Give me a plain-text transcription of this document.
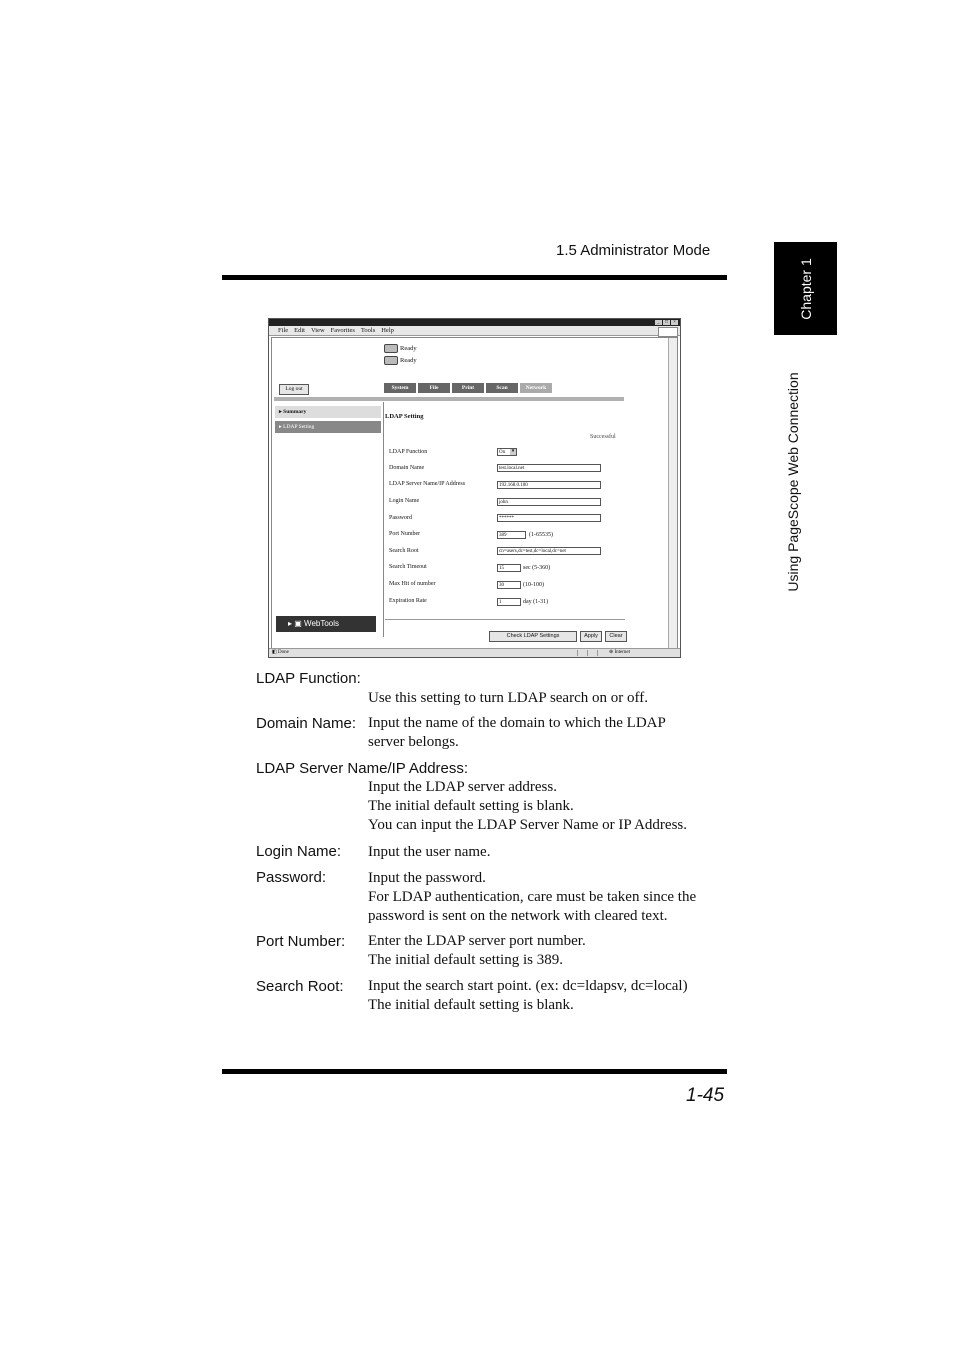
1.5 Administrator Mode
Chapter 1
Using PageScope Web Connection
_	□	×
File Edit View Favorites Tools Help
Ready
Ready
Log out	System	File	Print	Scan	Network
▸ Summary
▸ LDAP Setting
▸ ▣ WebTools
LDAP Setting
Successful
LDAP Function	On	▾
Domain Name	test.local.net
LDAP Server Name/IP Address	192.168.0.100
Login Name	john
Password	******
Port Number	389	(1-65535)
Search Root	cn=users,dc=test,dc=local,dc=net
Search Timeout	15	sec (5-360)
Max Hit of number	30	(10-100)
Expiration Rate	1	day (1-31)
Check LDAP Settings	Apply	Clear
◧ Done	⊕ Internet
LDAP Function:
Use this setting to turn LDAP search on or off.
Domain Name: Input the name of the domain to which the LDAP
server belongs.
LDAP Server Name/IP Address:
Input the LDAP server address.
The initial default setting is blank.
You can input the LDAP Server Name or IP Address.
Login Name: Input the user name.
Password:	Input the password.
For LDAP authentication, care must be taken since the
password is sent on the network with cleared text.
Port Number: Enter the LDAP server port number.
The initial default setting is 389.
Search Root: Input the search start point. (ex: dc=ldapsv, dc=local)
The initial default setting is blank.
1-45
